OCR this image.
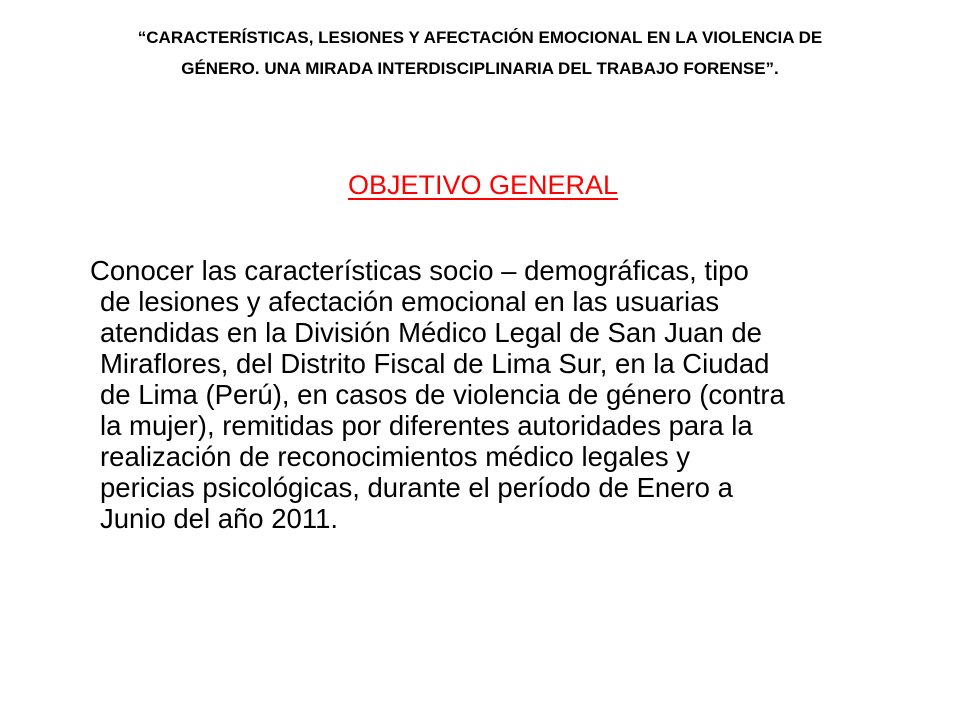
“CARACTERÍSTICAS, LESIONES Y AFECTACIÓN EMOCIONAL EN LA VIOLENCIA DE
GÉNERO. UNA MIRADA INTERDISCIPLINARIA DEL TRABAJO FORENSE”.
OBJETIVO GENERAL
Conocer las características socio – demográficas, tipo
de lesiones y afectación emocional en las usuarias
atendidas en la División Médico Legal de San Juan de
Miraflores, del Distrito Fiscal de Lima Sur, en la Ciudad
de Lima (Perú), en casos de violencia de género (contra
la mujer), remitidas por diferentes autoridades para la
realización de reconocimientos médico legales y
pericias psicológicas, durante el período de Enero a
Junio del año 2011.
